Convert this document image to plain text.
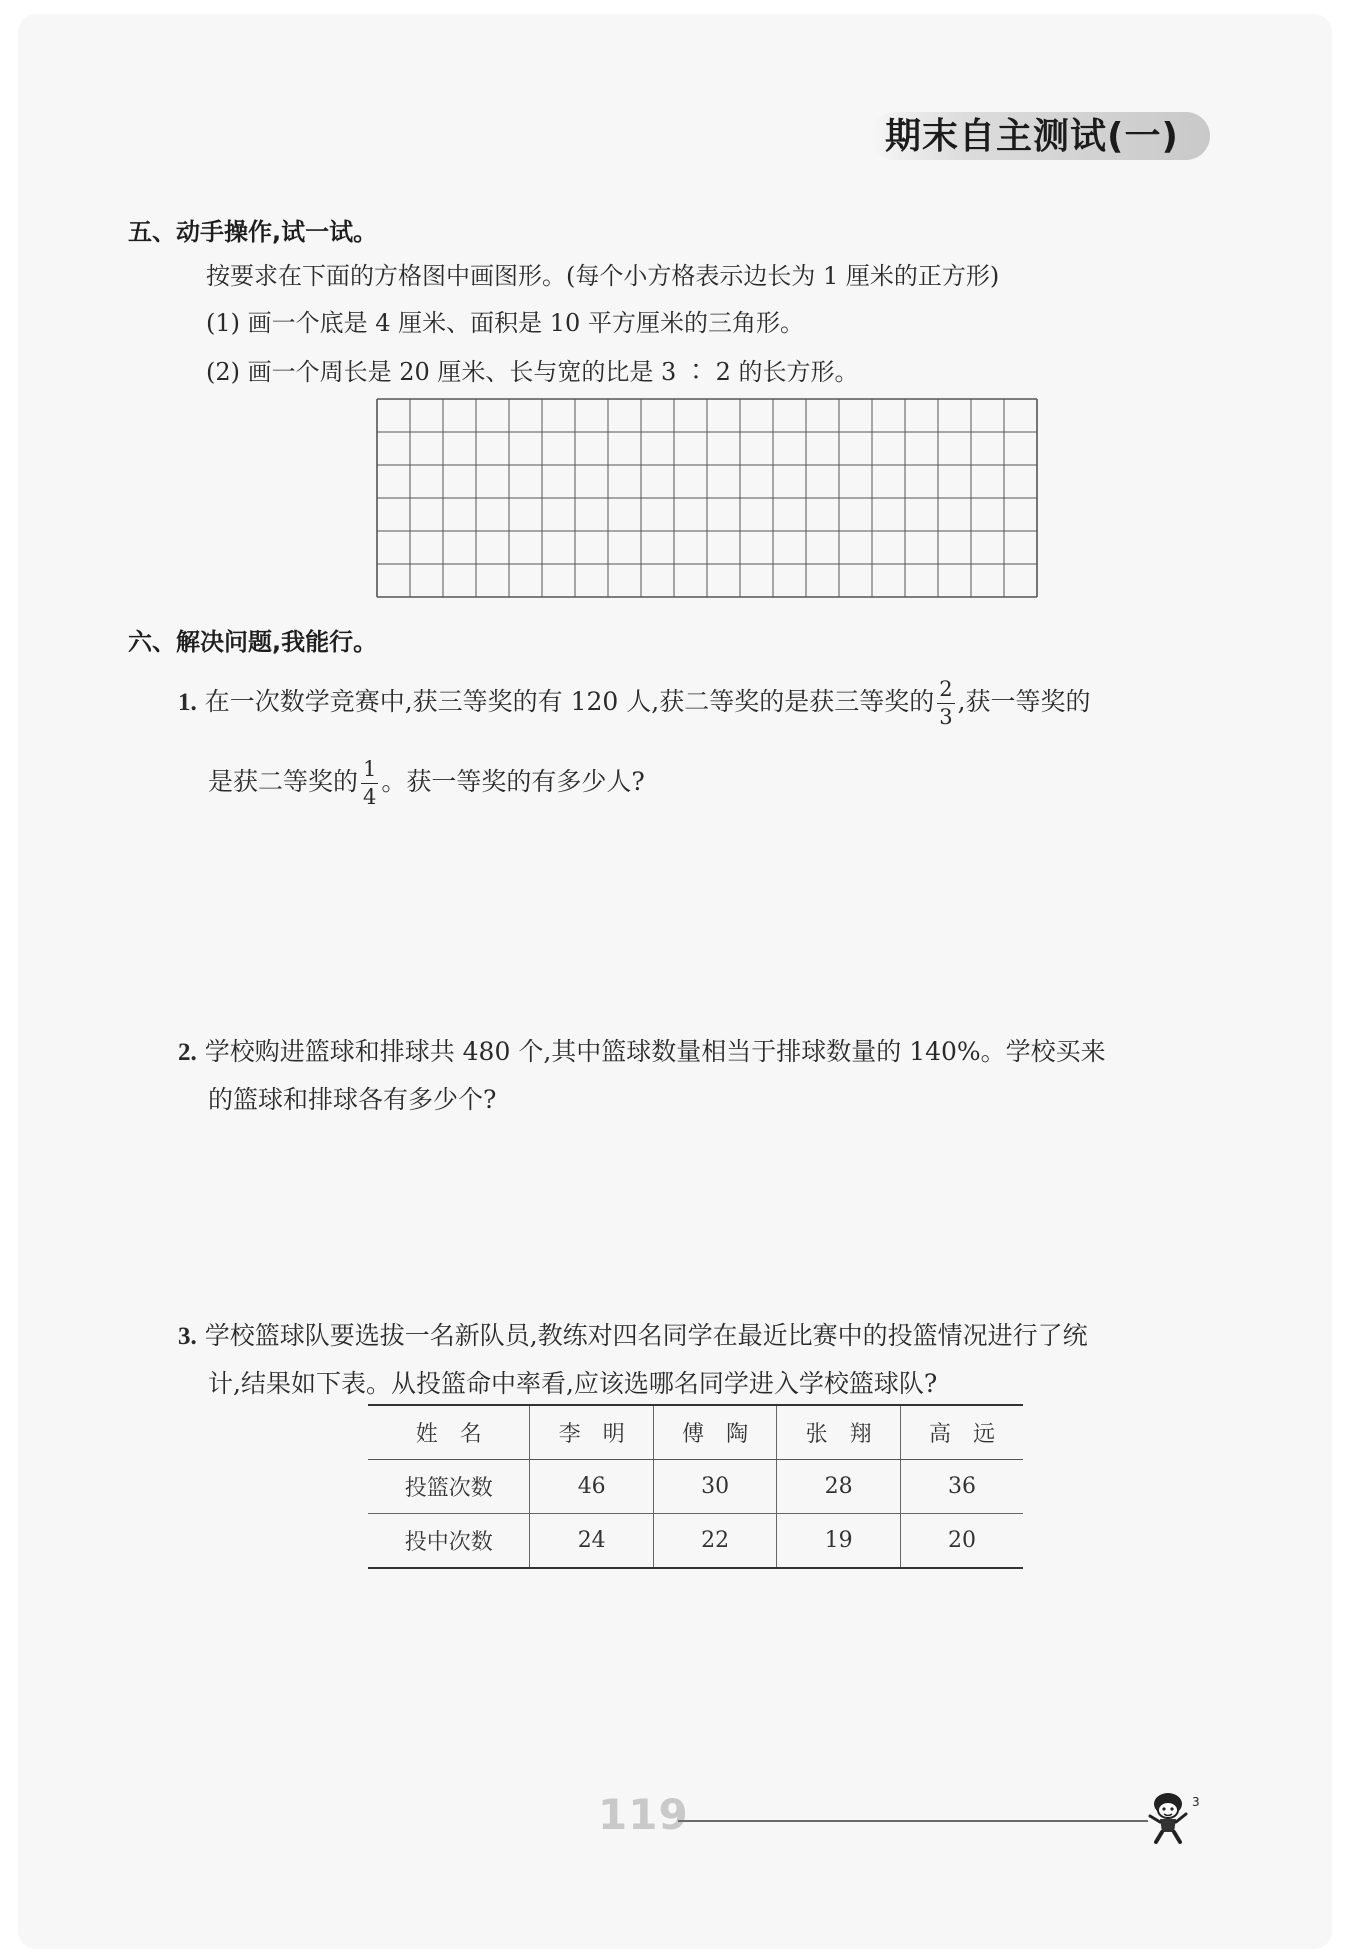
期末自主测试(一)
五、动手操作,试一试。
按要求在下面的方格图中画图形。(每个小方格表示边长为 1 厘米的正方形)
(1) 画一个底是 4 厘米、面积是 10 平方厘米的三角形。
(2) 画一个周长是 20 厘米、长与宽的比是 3 ∶ 2 的长方形。
六、解决问题,我能行。
1. 在一次数学竞赛中,获三等奖的有 120 人,获二等奖的是获三等奖的 $\frac{2}{3}$ ,获一等奖的
是获二等奖的 $\frac{1}{4}$ 。获一等奖的有多少人?
2. 学校购进篮球和排球共 480 个,其中篮球数量相当于排球数量的 140%。学校买来
的篮球和排球各有多少个?
3. 学校篮球队要选拔一名新队员,教练对四名同学在最近比赛中的投篮情况进行了统
计,结果如下表。从投篮命中率看,应该选哪名同学进入学校篮球队?
姓　名	李　明	傅　陶	张　翔	高　远
投篮次数	46	30	28	36
投中次数	24	22	19	20
119	3
